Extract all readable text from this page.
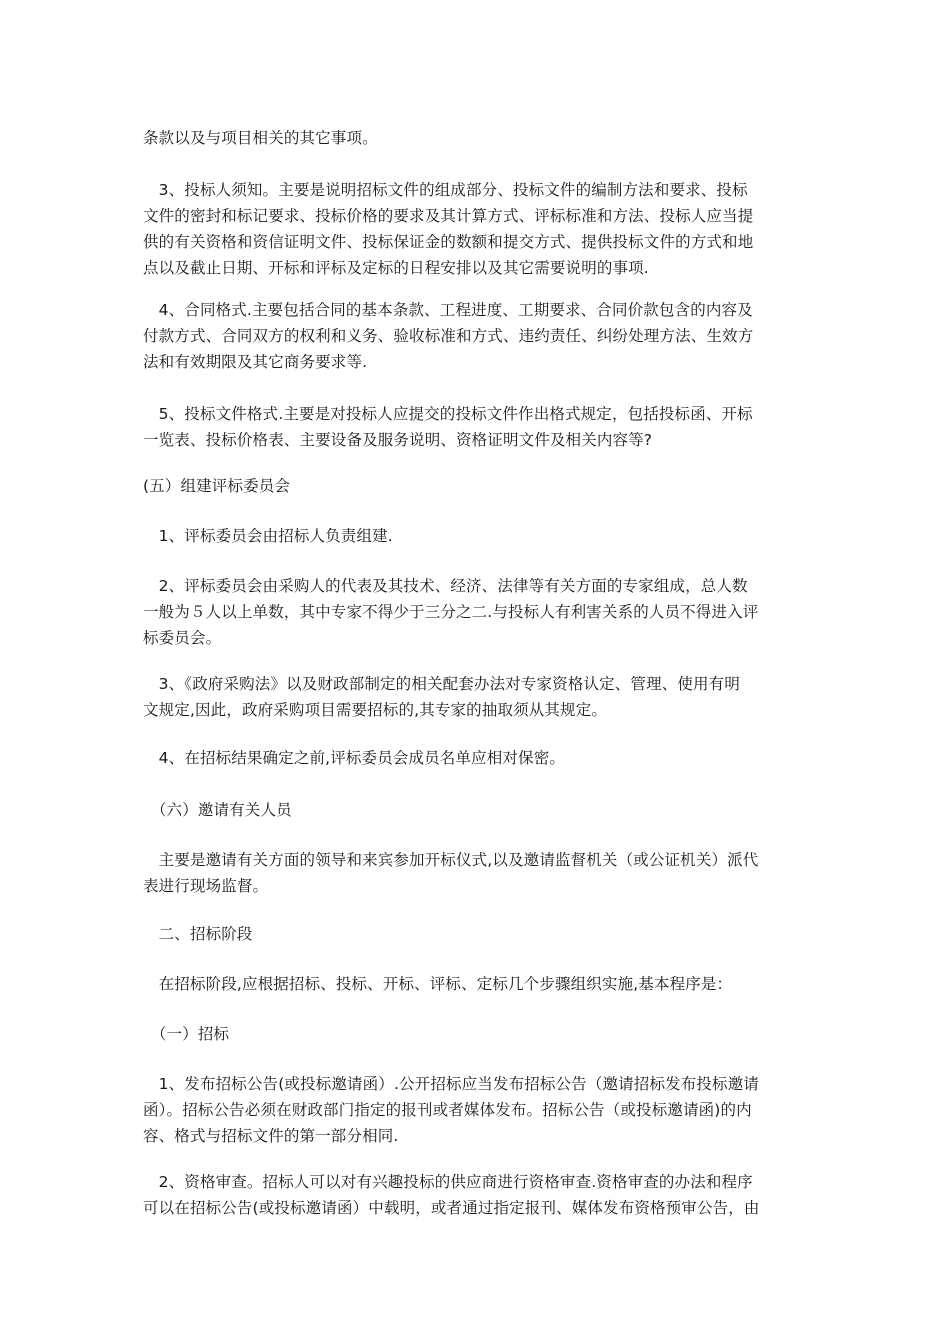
条款以及与项目相关的其它事项。

　3、投标人须知。主要是说明招标文件的组成部分、投标文件的编制方法和要求、投标
文件的密封和标记要求、投标价格的要求及其计算方式、评标标准和方法、投标人应当提
供的有关资格和资信证明文件、投标保证金的数额和提交方式、提供投标文件的方式和地
点以及截止日期、开标和评标及定标的日程安排以及其它需要说明的事项.

　4、合同格式.主要包括合同的基本条款、工程进度、工期要求、合同价款包含的内容及
付款方式、合同双方的权利和义务、验收标准和方式、违约责任、纠纷处理方法、生效方
法和有效期限及其它商务要求等.

　5、投标文件格式.主要是对投标人应提交的投标文件作出格式规定，包括投标函、开标
一览表、投标价格表、主要设备及服务说明、资格证明文件及相关内容等?

(五）组建评标委员会

　1、评标委员会由招标人负责组建.

　2、评标委员会由采购人的代表及其技术、经济、法律等有关方面的专家组成，总人数
一般为５人以上单数，其中专家不得少于三分之二.与投标人有利害关系的人员不得进入评
标委员会。

　3、《政府采购法》以及财政部制定的相关配套办法对专家资格认定、管理、使用有明
文规定,因此，政府采购项目需要招标的,其专家的抽取须从其规定。

　4、在招标结果确定之前,评标委员会成员名单应相对保密。

　（六）邀请有关人员

　主要是邀请有关方面的领导和来宾参加开标仪式,以及邀请监督机关（或公证机关）派代
表进行现场监督。

　二、招标阶段

　在招标阶段,应根据招标、投标、开标、评标、定标几个步骤组织实施,基本程序是：

　（一）招标

　1、发布招标公告(或投标邀请函）.公开招标应当发布招标公告（邀请招标发布投标邀请
函）。招标公告必须在财政部门指定的报刊或者媒体发布。招标公告（或投标邀请函)的内
容、格式与招标文件的第一部分相同.

　2、资格审查。招标人可以对有兴趣投标的供应商进行资格审查.资格审查的办法和程序
可以在招标公告(或投标邀请函）中载明，或者通过指定报刊、媒体发布资格预审公告，由
